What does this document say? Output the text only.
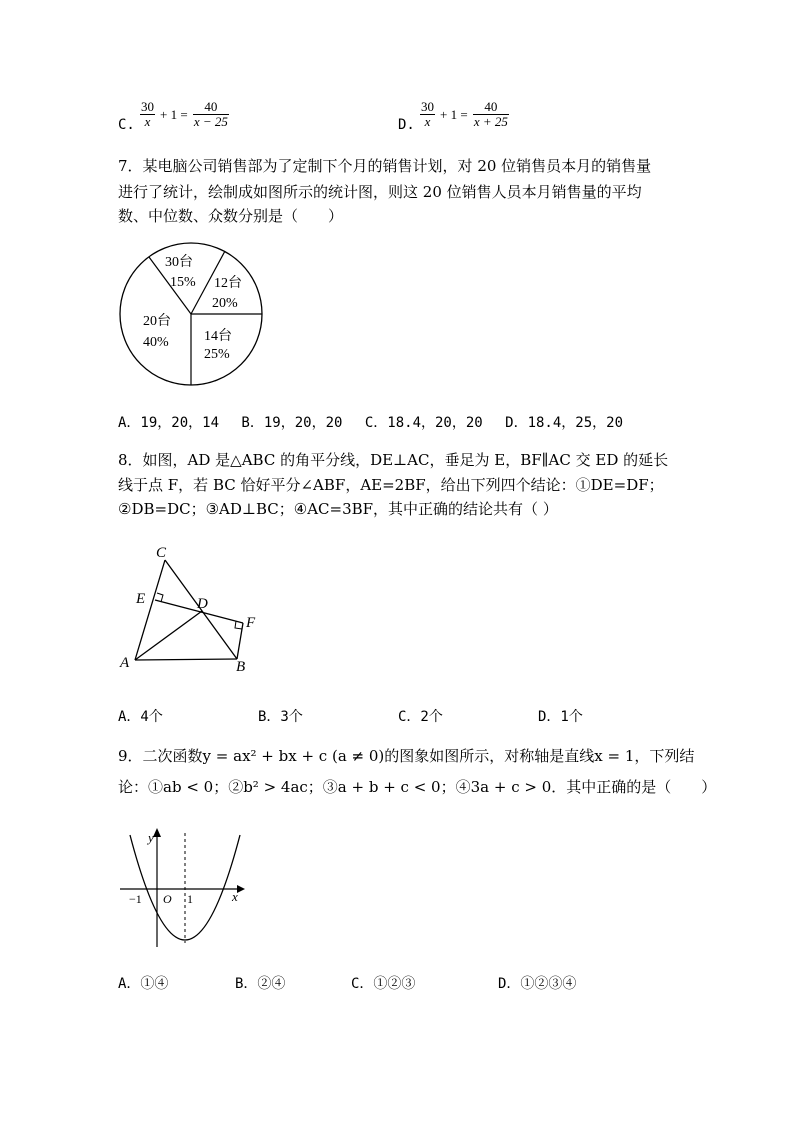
C. $\frac{30}{x} + 1 = \frac{40}{x - 25}$	D. $\frac{30}{x} + 1 = \frac{40}{x + 25}$
7．某电脑公司销售部为了定制下个月的销售计划，对 20 位销售员本月的销售量
进行了统计，绘制成如图所示的统计图，则这 20 位销售人员本月销售量的平均
数、中位数、众数分别是（　　）
30台
15% 12台
20%
14台
25%
20台
40%
A．19，20，14　 B．19，20，20　 C．18.4，20，20　 D．18.4，25，20
8．如图，AD 是△ABC 的角平分线，DE⊥AC，垂足为 E，BF∥AC 交 ED 的延长
线于点 F，若 BC 恰好平分∠ABF，AE=2BF，给出下列四个结论：①DE=DF；
②DB=DC；③AD⊥BC；④AC=3BF，其中正确的结论共有（ ）
C
E	D
F
A	B
A．4个	B．3个	C．2个	D．1个
9．二次函数y = ax² + bx + c (a ≠ 0)的图象如图所示，对称轴是直线x = 1，下列结
论：①ab < 0；②b² > 4ac；③a + b + c < 0；④3a + c > 0．其中正确的是（　　）
y
x
−1 O 1
A．①④	B．②④	C．①②③	D．①②③④
